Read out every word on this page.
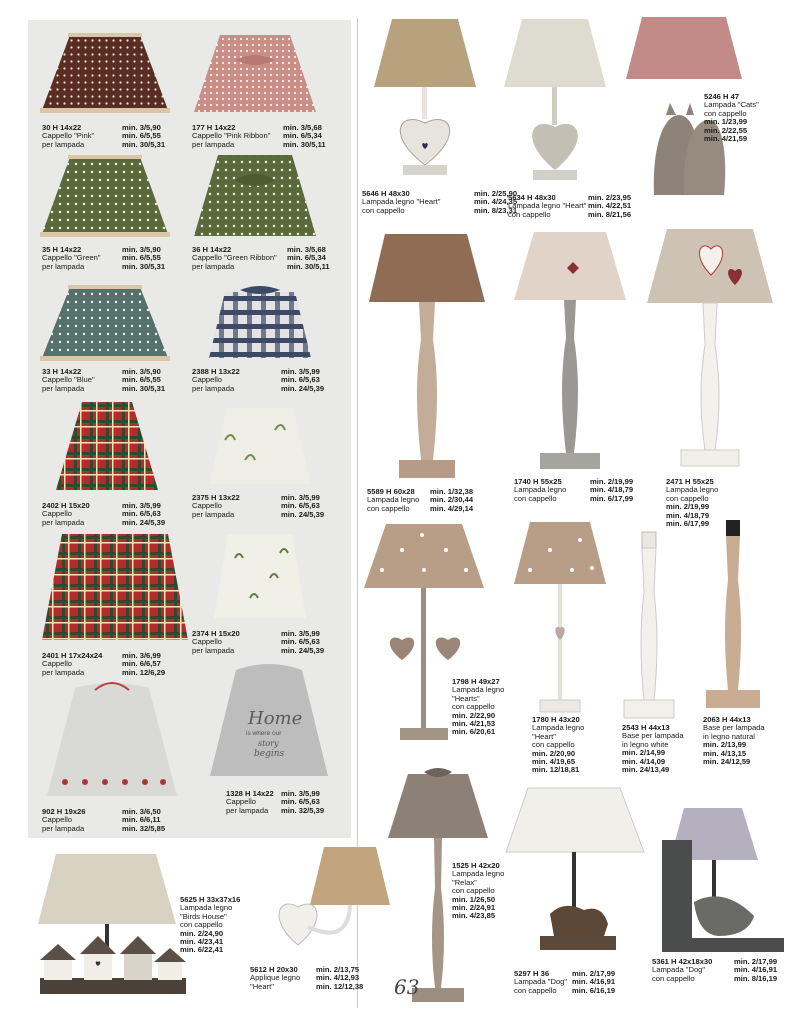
Home
is where our
story
begins
min. 3/5,90
min. 6/5,55
min. 30/5,31
30 H 14x22
Cappello "Pink"
per lampada
min. 3/5,68
min. 6/5,34
min. 30/5,11
177 H 14x22
Cappello "Pink Ribbon"
per lampada
min. 3/5,90
min. 6/5,55
min. 30/5,31
35 H 14x22
Cappello "Green"
per lampada
min. 3/5,68
min. 6/5,34
min. 30/5,11
36 H 14x22
Cappello "Green Ribbon"
per lampada
min. 3/5,90
min. 6/5,55
min. 30/5,31
33 H 14x22
Cappello "Blue"
per lampada
min. 3/5,99
min. 6/5,63
min. 24/5,39
2388 H 13x22
Cappello
per lampada
min. 3/5,99
min. 6/5,63
min. 24/5,39
2402 H 15x20
Cappello
per lampada
min. 3/5,99
min. 6/5,63
min. 24/5,39
2375 H 13x22
Cappello
per lampada
min. 3/6,99
min. 6/6,57
min. 12/6,29
2401 H 17x24x24
Cappello
per lampada
min. 3/5,99
min. 6/5,63
min. 24/5,39
2374 H 15x20
Cappello
per lampada
min. 3/6,50
min. 6/6,11
min. 32/5,85
902 H 19x26
Cappello
per lampada
min. 3/5,99
min. 6/5,63
min. 32/5,39
1328 H 14x22
Cappello
per lampada
min. 2/25,90
min. 4/24,35
min. 8/23,31
5646 H 48x30
Lampada legno "Heart"
con cappello
min. 2/23,95
min. 4/22,51
min. 8/21,56
5634 H 48x30
Lampada legno "Heart"
con cappello
5246 H 47
Lampada "Cats"
con cappello
min. 1/23,99
min. 2/22,55
min. 4/21,59
min. 1/32,38
min. 2/30,44
min. 4/29,14
5589 H 60x28
Lampada legno
con cappello
min. 2/19,99
min. 4/18,79
min. 6/17,99
1740 H 55x25
Lampada legno
con cappello
2471 H 55x25
Lampada legno
con cappello
min. 2/19,99
min. 4/18,79
min. 6/17,99
1798 H 49x27
Lampada legno
"Hearts"
con cappello
min. 2/22,90
min. 4/21,53
min. 6/20,61
1780 H 43x20
Lampada legno
"Heart"
con cappello
min. 2/20,90
min. 4/19,65
min. 12/18,81
2543 H 44x13
Base per lampada
in legno white
min. 2/14,99
min. 4/14,09
min. 24/13,49
2063 H 44x13
Base per lampada
in legno natural
min. 2/13,99
min. 4/13,15
min. 24/12,59
1525 H 42x20
Lampada legno
"Relax"
con cappello
min. 1/26,50
min. 2/24,91
min. 4/23,85
5625 H 33x37x16
Lampada legno
"Birds House"
con cappello
min. 2/24,90
min. 4/23,41
min. 6/22,41
min. 2/13,75
min. 4/12,93
min. 12/12,38
5612 H 20x30
Applique legno
"Heart"
min. 2/17,99
min. 4/16,91
min. 6/16,19
5297 H 36
Lampada "Dog"
con cappello
min. 2/17,99
min. 4/16,91
min. 8/16,19
5361 H 42x18x30
Lampada "Dog"
con cappello
63
